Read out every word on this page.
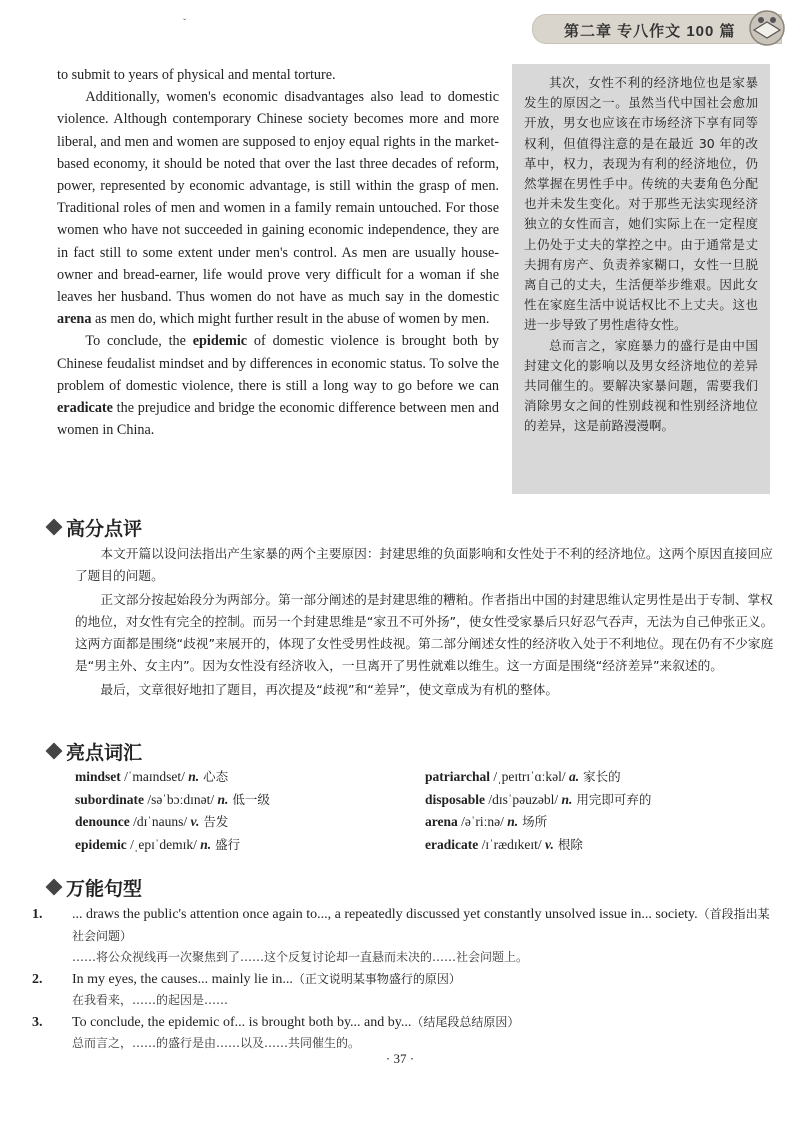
第二章 专八作文 100 篇
ˇ

to submit to years of physical and mental torture.

Additionally, women's economic disadvantages also lead to domestic violence. Although contemporary Chinese society becomes more and more liberal, and men and women are supposed to enjoy equal rights in the market-based economy, it should be noted that over the last three decades of reform, power, represented by economic advantage, is still within the grasp of men. Traditional roles of men and women in a family remain untouched. For those women who have not succeeded in gaining economic independence, they are in fact still to some extent under men's control. As men are usually house-owner and bread-earner, life would prove very difficult for a woman if she leaves her husband. Thus women do not have as much say in the domestic arena as men do, which might further result in the abuse of women by men.

To conclude, the epidemic of domestic violence is brought both by Chinese feudalist mindset and by differences in economic status. To solve the problem of domestic violence, there is still a long way to go before we can eradicate the prejudice and bridge the economic difference between men and women in China.

其次，女性不利的经济地位也是家暴发生的原因之一。虽然当代中国社会愈加开放，男女也应该在市场经济下享有同等权利，但值得注意的是在最近 30 年的改革中，权力，表现为有利的经济地位，仍然掌握在男性手中。传统的夫妻角色分配也并未发生变化。对于那些无法实现经济独立的女性而言，她们实际上在一定程度上仍处于丈夫的掌控之中。由于通常是丈夫拥有房产、负责养家糊口，女性一旦脱离自己的丈夫，生活便举步维艰。因此女性在家庭生活中说话权比不上丈夫。这也进一步导致了男性虐待女性。

总而言之，家庭暴力的盛行是由中国封建文化的影响以及男女经济地位的差异共同催生的。要解决家暴问题，需要我们消除男女之间的性别歧视和性别经济地位的差异，这是前路漫漫啊。

高分点评

本文开篇以设问法指出产生家暴的两个主要原因：封建思维的负面影响和女性处于不利的经济地位。这两个原因直接回应了题目的问题。

正文部分按起始段分为两部分。第一部分阐述的是封建思维的糟粕。作者指出中国的封建思维认定男性是出于专制、掌权的地位，对女性有完全的控制。而另一个封建思维是“家丑不可外扬”，使女性受家暴后只好忍气吞声，无法为自己伸张正义。这两方面都是围绕“歧视”来展开的，体现了女性受男性歧视。第二部分阐述女性的经济收入处于不利地位。现在仍有不少家庭是“男主外、女主内”。因为女性没有经济收入，一旦离开了男性就难以维生。这一方面是围绕“经济差异”来叙述的。

最后，文章很好地扣了题目，再次提及“歧视”和“差异”，使文章成为有机的整体。

亮点词汇
mindset /ˈmaɪndset/ n. 心态	patriarchal /ˌpeɪtrɪˈɑːkəl/ a. 家长的
subordinate /səˈbɔːdɪnət/ n. 低一级	disposable /dɪsˈpəuzəbl/ n. 用完即可弃的
denounce /dɪˈnauns/ v. 告发	arena /əˈriːnə/ n. 场所
epidemic /ˌepɪˈdemɪk/ n. 盛行	eradicate /ɪˈrædɪkeɪt/ v. 根除
万能句型
1. ... draws the public's attention once again to..., a repeatedly discussed yet constantly unsolved issue in... society.（首段指出某社会问题）
……将公众视线再一次聚焦到了……这个反复讨论却一直悬而未决的……社会问题上。
2. In my eyes, the causes... mainly lie in...（正文说明某事物盛行的原因）
在我看来，……的起因是……
3. To conclude, the epidemic of... is brought both by... and by...（结尾段总结原因）
总而言之，……的盛行是由……以及……共同催生的。
· 37 ·
